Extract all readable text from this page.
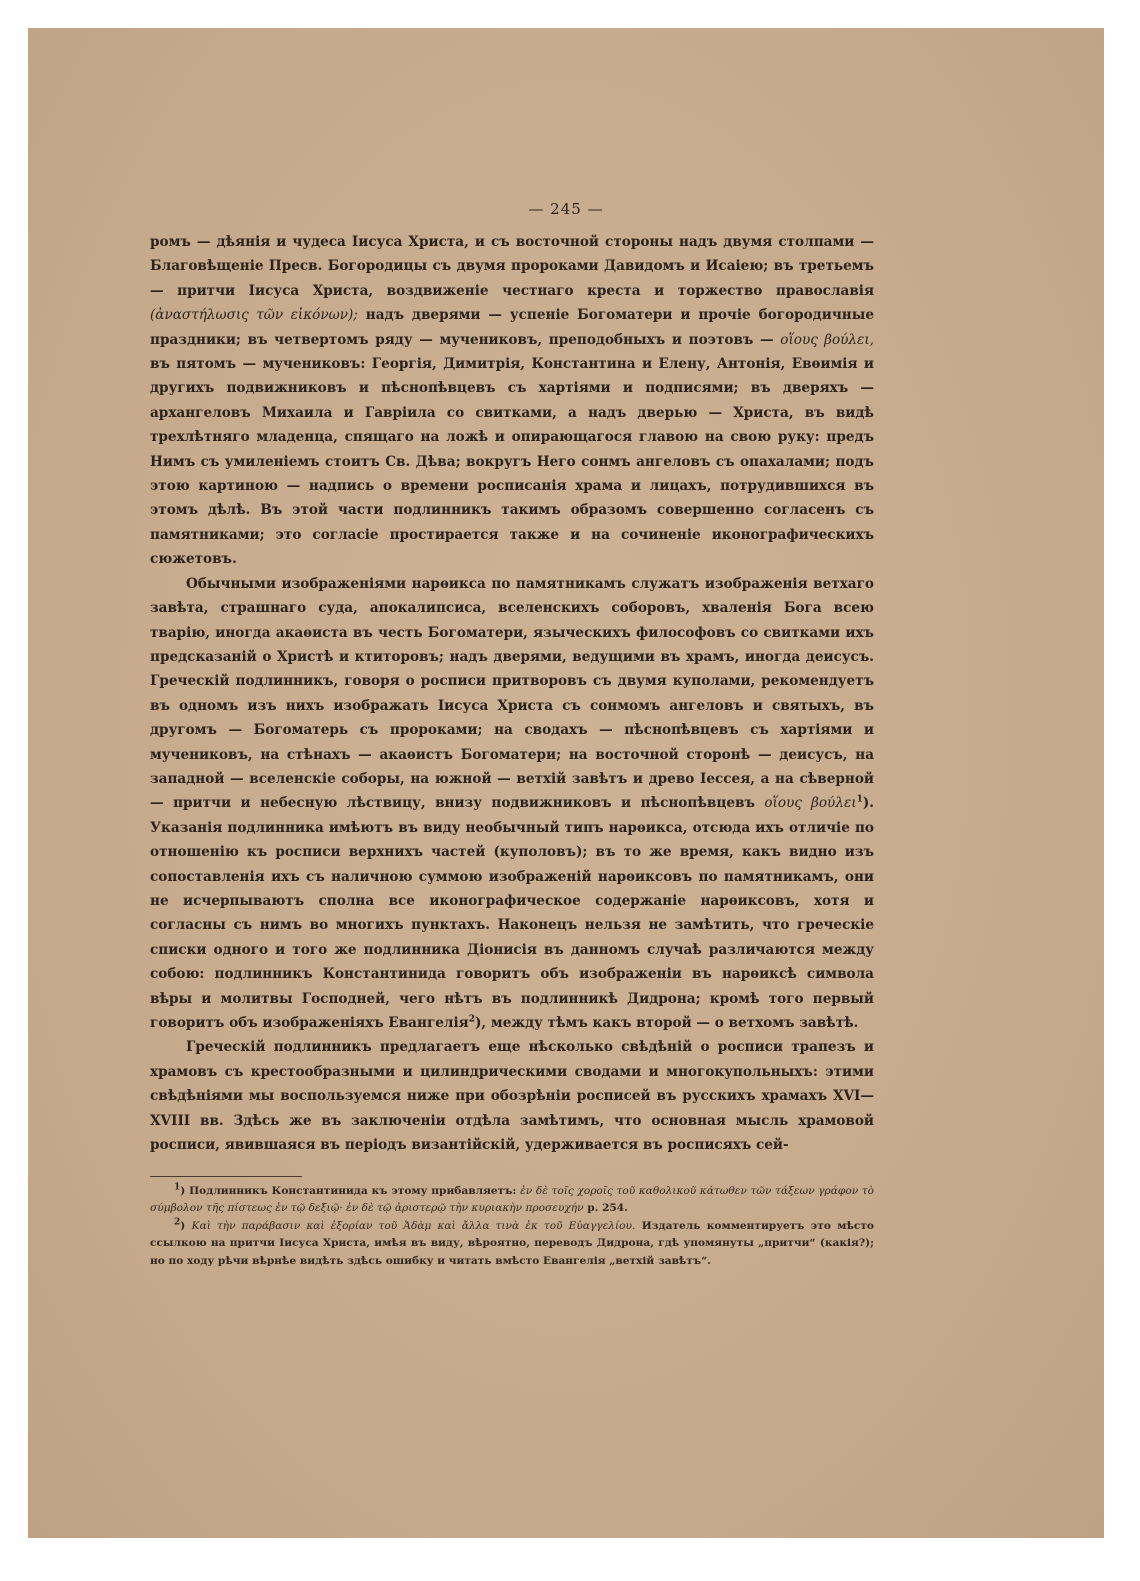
— 245 —

ромъ — дѣянія и чудеса Іисуса Христа, и съ восточной стороны надъ двумя столпами — Благовѣщеніе Пресв. Богородицы съ двумя пророками Давидомъ и Исаіею; въ третьемъ — притчи Іисуса Христа, воздвиженіе честнаго креста и торжество православія (ἀναστήλωσις τῶν εἰκόνων); надъ дверями — успеніе Богоматери и прочіе богородичные праздники; въ четвертомъ ряду — мучениковъ, преподобныхъ и поэтовъ — οἵους βούλει, въ пятомъ — мучениковъ: Георгія, Димитрія, Константина и Елену, Антонія, Евѳимія и другихъ подвижниковъ и пѣснопѣвцевъ съ хартіями и подписями; въ дверяхъ — архангеловъ Михаила и Гавріила со свитками, а надъ дверью — Христа, въ видѣ трехлѣтняго младенца, спящаго на ложѣ и опирающагося главою на свою руку: предъ Нимъ съ умиленіемъ стоитъ Св. Дѣва; вокругъ Него сонмъ ангеловъ съ опахалами; подъ этою картиною — надпись о времени росписанія храма и лицахъ, потрудившихся въ этомъ дѣлѣ. Въ этой части подлинникъ такимъ образомъ совершенно согласенъ съ памятниками; это согласіе простирается также и на сочиненіе иконографическихъ сюжетовъ.

Обычными изображеніями нарѳикса по памятникамъ служатъ изображенія ветхаго завѣта, страшнаго суда, апокалипсиса, вселенскихъ соборовъ, хваленія Бога всею тварію, иногда акаѳиста въ честь Богоматери, языческихъ философовъ со свитками ихъ предсказаній о Христѣ и ктиторовъ; надъ дверями, ведущими въ храмъ, иногда деисусъ. Греческій подлинникъ, говоря о росписи притворовъ съ двумя куполами, рекомендуетъ въ одномъ изъ нихъ изображать Іисуса Христа съ сонмомъ ангеловъ и святыхъ, въ другомъ — Богоматерь съ пророками; на сводахъ — пѣснопѣвцевъ съ хартіями и мучениковъ, на стѣнахъ — акаѳистъ Богоматери; на восточной сторонѣ — деисусъ, на западной — вселенскіе соборы, на южной — ветхій завѣтъ и древо Іессея, а на сѣверной — притчи и небесную лѣствицу, внизу подвижниковъ и пѣснопѣвцевъ οἵους βούλει$^1$). Указанія подлинника имѣютъ въ виду необычный типъ нарѳикса, отсюда ихъ отличіе по отношенію къ росписи верхнихъ частей (куполовъ); въ то же время, какъ видно изъ сопоставленія ихъ съ наличною суммою изображеній нарѳиксовъ по памятникамъ, они не исчерпываютъ сполна все иконографическое содержаніе нарѳиксовъ, хотя и согласны съ нимъ во многихъ пунктахъ. Наконецъ нельзя не замѣтить, что греческіе списки одного и того же подлинника Діонисія въ данномъ случаѣ различаются между собою: подлинникъ Константинида говоритъ объ изображеніи въ нарѳиксѣ символа вѣры и молитвы Господней, чего нѣтъ въ подлинникѣ Дидрона; кромѣ того первый говоритъ объ изображеніяхъ Евангелія$^2$), между тѣмъ какъ второй — о ветхомъ завѣтѣ.

Греческій подлинникъ предлагаетъ еще нѣсколько свѣдѣній о росписи трапезъ и храмовъ съ крестообразными и цилиндрическими сводами и многокупольныхъ: этими свѣдѣніями мы воспользуемся ниже при обозрѣніи росписей въ русскихъ храмахъ XVI—XVIII вв. Здѣсь же въ заключеніи отдѣла замѣтимъ, что основная мысль храмовой росписи, явившаяся въ періодъ византійскій, удерживается въ росписяхъ сей-

$^1$) Подлинникъ Константинида къ этому прибавляетъ: ἐν δὲ τοῖς χοροῖς τοῦ καθολικοῦ κάτωθεν τῶν τάξεων γράφον τὸ σύμβολον τῆς πίστεως ἐν τῷ δεξιῷ· ἐν δὲ τῷ ἀριστερῷ τὴν κυριακὴν προσευχήν p. 254.

$^2$) Καὶ τὴν παράβασιν καὶ ἐξορίαν τοῦ Ἀδὰμ καὶ ἄλλα τινὰ ἐκ τοῦ Εὐαγγελίου. Издатель комментируетъ это мѣсто ссылкою на притчи Іисуса Христа, имѣя въ виду, вѣроятно, переводъ Дидрона, гдѣ упомянуты „притчи“ (какія?); но по ходу рѣчи вѣрнѣе видѣть здѣсь ошибку и читать вмѣсто Евангелія „ветхій завѣтъ“.
